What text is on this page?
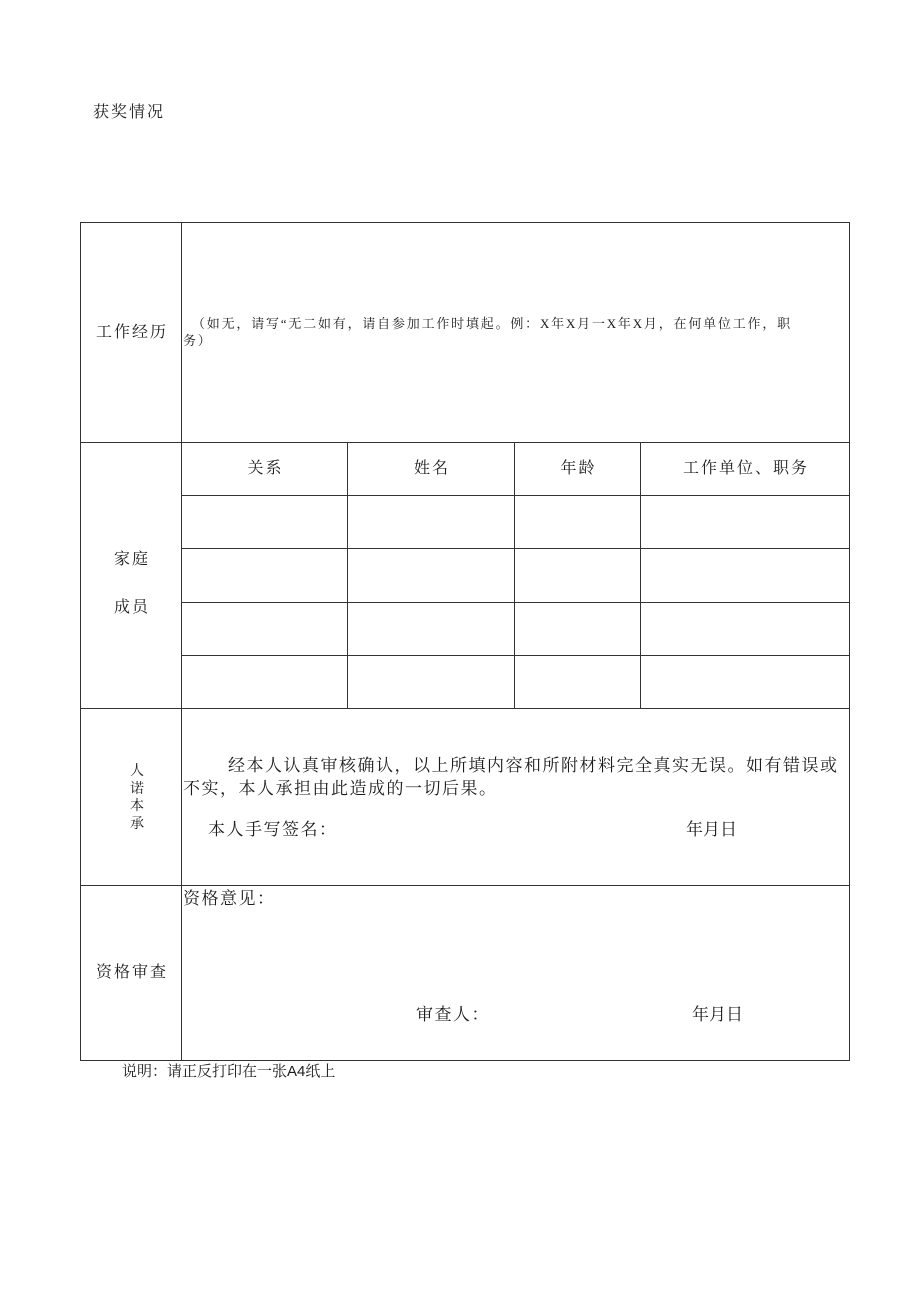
获奖情况
工作经历	（如无，请写“无二如有，请自参加工作时填起。例：X年X月一X年X月，在何单位工作，职
务）
家庭
成员
关系	姓名	年龄	工作单位、职务
人
诺
本
承
经本人认真审核确认，以上所填内容和所附材料完全真实无误。如有错误或
不实，本人承担由此造成的一切后果。
本人手写签名：	年月日
资格审查
资格意见：
审查人：	年月日
说明：请正反打印在一张A4纸上
